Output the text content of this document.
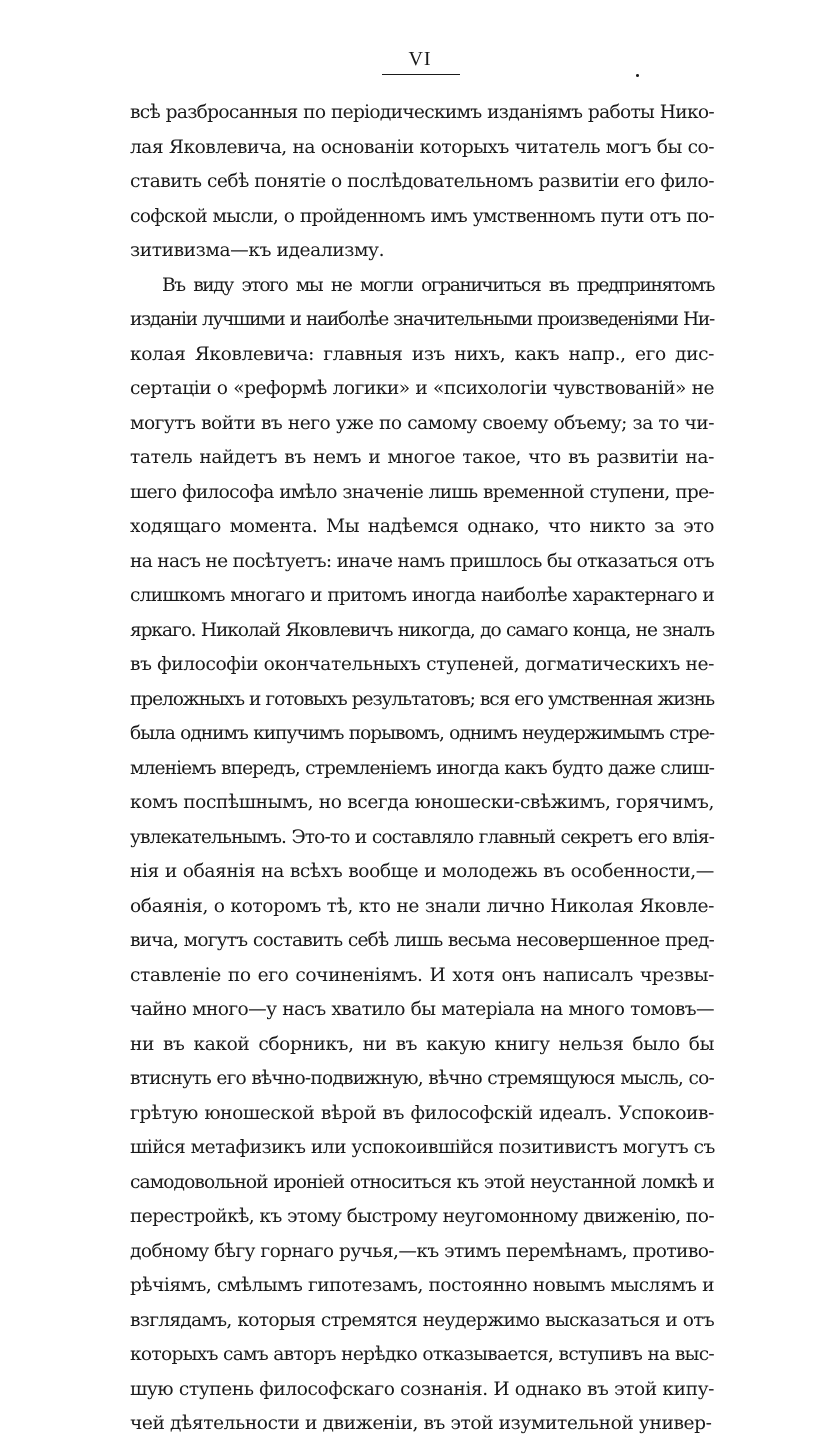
VI
всѣ разбросанныя по періодическимъ изданіямъ работы Нико-
лая Яковлевича, на основаніи которыхъ читатель могъ бы со-
ставить себѣ понятіе о послѣдовательномъ развитіи его фило-
софской мысли, о пройденномъ имъ умственномъ пути отъ по-
зитивизма—къ идеализму.
Въ виду этого мы не могли ограничиться въ предпринятомъ
изданіи лучшими и наиболѣе значительными произведеніями Ни-
колая Яковлевича: главныя изъ нихъ, какъ напр., его дис-
сертаціи о «реформѣ логики» и «психологіи чувствованій» не
могутъ войти въ него уже по самому своему объему; за то чи-
татель найдетъ въ немъ и многое такое, что въ развитіи на-
шего философа имѣло значеніе лишь временной ступени, пре-
ходящаго момента. Мы надѣемся однако, что никто за это
на насъ не посѣтуетъ: иначе намъ пришлось бы отказаться отъ
слишкомъ многаго и притомъ иногда наиболѣе характернаго и
яркаго. Николай Яковлевичъ никогда, до самаго конца, не зналъ
въ философіи окончательныхъ ступеней, догматическихъ не-
преложныхъ и готовыхъ результатовъ; вся его умственная жизнь
была однимъ кипучимъ порывомъ, однимъ неудержимымъ стре-
мленіемъ впередъ, стремленіемъ иногда какъ будто даже слиш-
комъ поспѣшнымъ, но всегда юношески-свѣжимъ, горячимъ,
увлекательнымъ. Это-то и составляло главный секретъ его влія-
нія и обаянія на всѣхъ вообще и молодежь въ особенности,—
обаянія, о которомъ тѣ, кто не знали лично Николая Яковле-
вича, могутъ составить себѣ лишь весьма несовершенное пред-
ставленіе по его сочиненіямъ. И хотя онъ написалъ чрезвы-
чайно много—у насъ хватило бы матеріала на много томовъ—
ни въ какой сборникъ, ни въ какую книгу нельзя было бы
втиснуть его вѣчно-подвижную, вѣчно стремящуюся мысль, со-
грѣтую юношеской вѣрой въ философскій идеалъ. Успокоив-
шійся метафизикъ или успокоившійся позитивистъ могутъ съ
самодовольной ироніей относиться къ этой неустанной ломкѣ и
перестройкѣ, къ этому быстрому неугомонному движенію, по-
добному бѣгу горнаго ручья,—къ этимъ перемѣнамъ, противо-
рѣчіямъ, смѣлымъ гипотезамъ, постоянно новымъ мыслямъ и
взглядамъ, которыя стремятся неудержимо высказаться и отъ
которыхъ самъ авторъ нерѣдко отказывается, вступивъ на выс-
шую ступень философскаго сознанія. И однако въ этой кипу-
чей дѣятельности и движеніи, въ этой изумительной универ-
